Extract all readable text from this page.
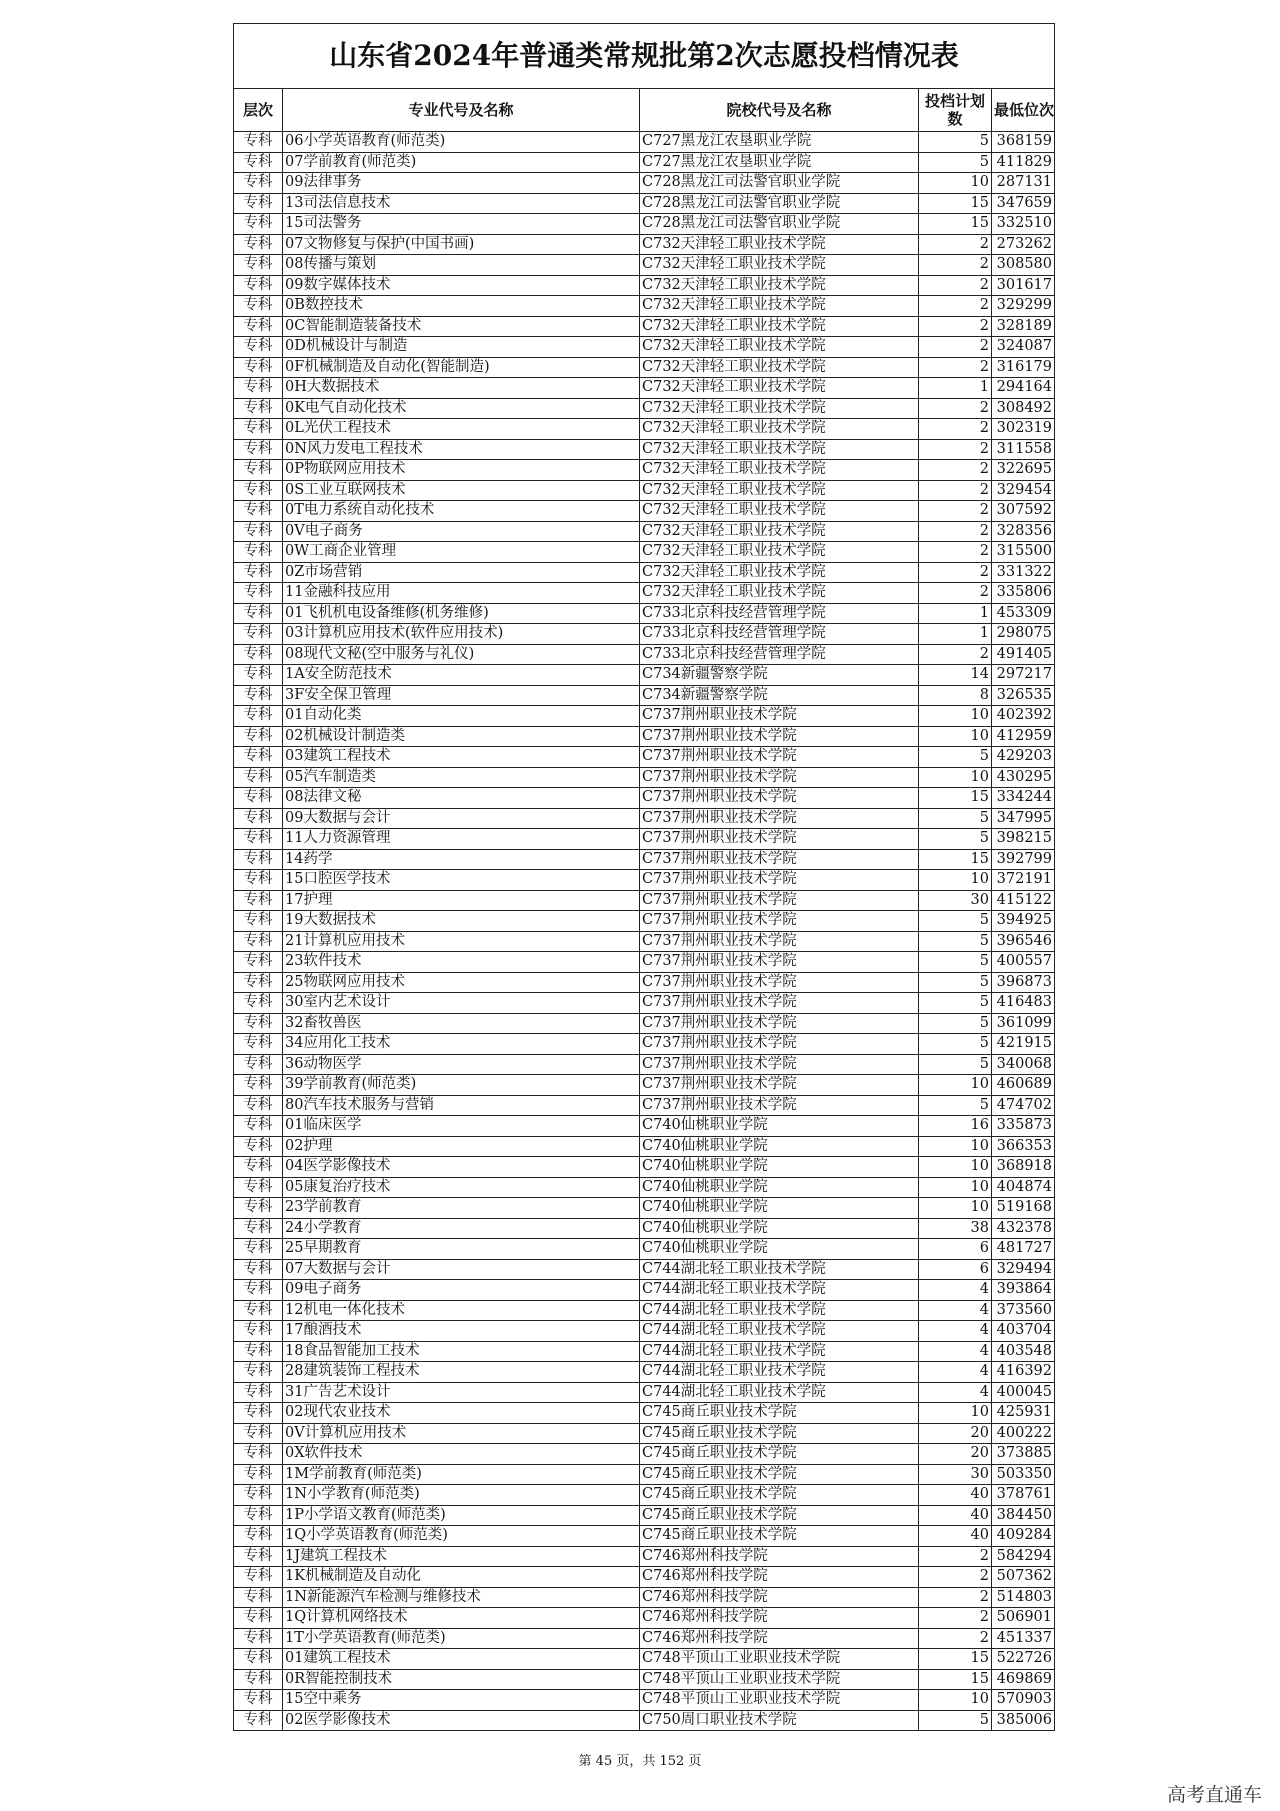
山东省2024年普通类常规批第2次志愿投档情况表
层次	专业代号及名称	院校代号及名称	投档计划数	最低位次
专科	06小学英语教育(师范类)	C727黑龙江农垦职业学院	5	368159
专科	07学前教育(师范类)	C727黑龙江农垦职业学院	5	411829
专科	09法律事务	C728黑龙江司法警官职业学院	10	287131
专科	13司法信息技术	C728黑龙江司法警官职业学院	15	347659
专科	15司法警务	C728黑龙江司法警官职业学院	15	332510
专科	07文物修复与保护(中国书画)	C732天津轻工职业技术学院	2	273262
专科	08传播与策划	C732天津轻工职业技术学院	2	308580
专科	09数字媒体技术	C732天津轻工职业技术学院	2	301617
专科	0B数控技术	C732天津轻工职业技术学院	2	329299
专科	0C智能制造装备技术	C732天津轻工职业技术学院	2	328189
专科	0D机械设计与制造	C732天津轻工职业技术学院	2	324087
专科	0F机械制造及自动化(智能制造)	C732天津轻工职业技术学院	2	316179
专科	0H大数据技术	C732天津轻工职业技术学院	1	294164
专科	0K电气自动化技术	C732天津轻工职业技术学院	2	308492
专科	0L光伏工程技术	C732天津轻工职业技术学院	2	302319
专科	0N风力发电工程技术	C732天津轻工职业技术学院	2	311558
专科	0P物联网应用技术	C732天津轻工职业技术学院	2	322695
专科	0S工业互联网技术	C732天津轻工职业技术学院	2	329454
专科	0T电力系统自动化技术	C732天津轻工职业技术学院	2	307592
专科	0V电子商务	C732天津轻工职业技术学院	2	328356
专科	0W工商企业管理	C732天津轻工职业技术学院	2	315500
专科	0Z市场营销	C732天津轻工职业技术学院	2	331322
专科	11金融科技应用	C732天津轻工职业技术学院	2	335806
专科	01飞机机电设备维修(机务维修)	C733北京科技经营管理学院	1	453309
专科	03计算机应用技术(软件应用技术)	C733北京科技经营管理学院	1	298075
专科	08现代文秘(空中服务与礼仪)	C733北京科技经营管理学院	2	491405
专科	1A安全防范技术	C734新疆警察学院	14	297217
专科	3F安全保卫管理	C734新疆警察学院	8	326535
专科	01自动化类	C737荆州职业技术学院	10	402392
专科	02机械设计制造类	C737荆州职业技术学院	10	412959
专科	03建筑工程技术	C737荆州职业技术学院	5	429203
专科	05汽车制造类	C737荆州职业技术学院	10	430295
专科	08法律文秘	C737荆州职业技术学院	15	334244
专科	09大数据与会计	C737荆州职业技术学院	5	347995
专科	11人力资源管理	C737荆州职业技术学院	5	398215
专科	14药学	C737荆州职业技术学院	15	392799
专科	15口腔医学技术	C737荆州职业技术学院	10	372191
专科	17护理	C737荆州职业技术学院	30	415122
专科	19大数据技术	C737荆州职业技术学院	5	394925
专科	21计算机应用技术	C737荆州职业技术学院	5	396546
专科	23软件技术	C737荆州职业技术学院	5	400557
专科	25物联网应用技术	C737荆州职业技术学院	5	396873
专科	30室内艺术设计	C737荆州职业技术学院	5	416483
专科	32畜牧兽医	C737荆州职业技术学院	5	361099
专科	34应用化工技术	C737荆州职业技术学院	5	421915
专科	36动物医学	C737荆州职业技术学院	5	340068
专科	39学前教育(师范类)	C737荆州职业技术学院	10	460689
专科	80汽车技术服务与营销	C737荆州职业技术学院	5	474702
专科	01临床医学	C740仙桃职业学院	16	335873
专科	02护理	C740仙桃职业学院	10	366353
专科	04医学影像技术	C740仙桃职业学院	10	368918
专科	05康复治疗技术	C740仙桃职业学院	10	404874
专科	23学前教育	C740仙桃职业学院	10	519168
专科	24小学教育	C740仙桃职业学院	38	432378
专科	25早期教育	C740仙桃职业学院	6	481727
专科	07大数据与会计	C744湖北轻工职业技术学院	6	329494
专科	09电子商务	C744湖北轻工职业技术学院	4	393864
专科	12机电一体化技术	C744湖北轻工职业技术学院	4	373560
专科	17酿酒技术	C744湖北轻工职业技术学院	4	403704
专科	18食品智能加工技术	C744湖北轻工职业技术学院	4	403548
专科	28建筑装饰工程技术	C744湖北轻工职业技术学院	4	416392
专科	31广告艺术设计	C744湖北轻工职业技术学院	4	400045
专科	02现代农业技术	C745商丘职业技术学院	10	425931
专科	0V计算机应用技术	C745商丘职业技术学院	20	400222
专科	0X软件技术	C745商丘职业技术学院	20	373885
专科	1M学前教育(师范类)	C745商丘职业技术学院	30	503350
专科	1N小学教育(师范类)	C745商丘职业技术学院	40	378761
专科	1P小学语文教育(师范类)	C745商丘职业技术学院	40	384450
专科	1Q小学英语教育(师范类)	C745商丘职业技术学院	40	409284
专科	1J建筑工程技术	C746郑州科技学院	2	584294
专科	1K机械制造及自动化	C746郑州科技学院	2	507362
专科	1N新能源汽车检测与维修技术	C746郑州科技学院	2	514803
专科	1Q计算机网络技术	C746郑州科技学院	2	506901
专科	1T小学英语教育(师范类)	C746郑州科技学院	2	451337
专科	01建筑工程技术	C748平顶山工业职业技术学院	15	522726
专科	0R智能控制技术	C748平顶山工业职业技术学院	15	469869
专科	15空中乘务	C748平顶山工业职业技术学院	10	570903
专科	02医学影像技术	C750周口职业技术学院	5	385006
第 45 页，共 152 页
高考直通车
